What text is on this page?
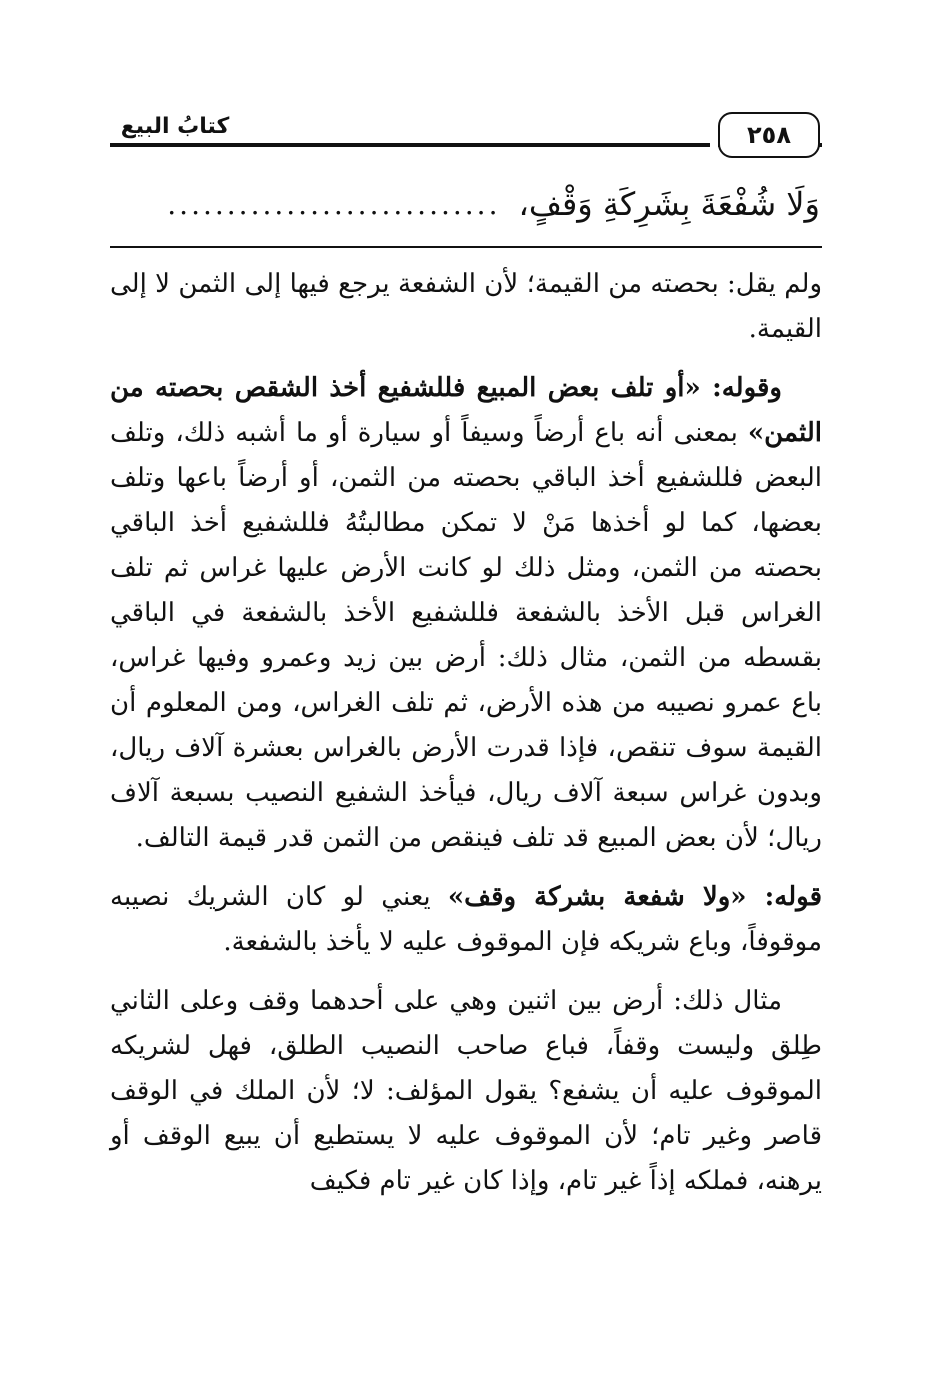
٢٥٨
كتابُ البيع
وَلَا شُفْعَةَ بِشَرِكَةِ وَقْفٍ،
............................

ولم يقل: بحصته من القيمة؛ لأن الشفعة يرجع فيها إلى الثمن لا إلى القيمة.

وقوله: «أو تلف بعض المبيع فللشفيع أخذ الشقص بحصته من الثمن» بمعنى أنه باع أرضاً وسيفاً أو سيارة أو ما أشبه ذلك، وتلف البعض فللشفيع أخذ الباقي بحصته من الثمن، أو أرضاً باعها وتلف بعضها، كما لو أخذها مَنْ لا تمكن مطالبتُهُ فللشفيع أخذ الباقي بحصته من الثمن، ومثل ذلك لو كانت الأرض عليها غراس ثم تلف الغراس قبل الأخذ بالشفعة فللشفيع الأخذ بالشفعة في الباقي بقسطه من الثمن، مثال ذلك: أرض بين زيد وعمرو وفيها غراس، باع عمرو نصيبه من هذه الأرض، ثم تلف الغراس، ومن المعلوم أن القيمة سوف تنقص، فإذا قدرت الأرض بالغراس بعشرة آلاف ريال، وبدون غراس سبعة آلاف ريال، فيأخذ الشفيع النصيب بسبعة آلاف ريال؛ لأن بعض المبيع قد تلف فينقص من الثمن قدر قيمة التالف.

قوله: «ولا شفعة بشركة وقف» يعني لو كان الشريك نصيبه موقوفاً، وباع شريكه فإن الموقوف عليه لا يأخذ بالشفعة.

مثال ذلك: أرض بين اثنين وهي على أحدهما وقف وعلى الثاني طِلق وليست وقفاً، فباع صاحب النصيب الطلق، فهل لشريكه الموقوف عليه أن يشفع؟ يقول المؤلف: لا؛ لأن الملك في الوقف قاصر وغير تام؛ لأن الموقوف عليه لا يستطيع أن يبيع الوقف أو يرهنه، فملكه إذاً غير تام، وإذا كان غير تام فكيف
